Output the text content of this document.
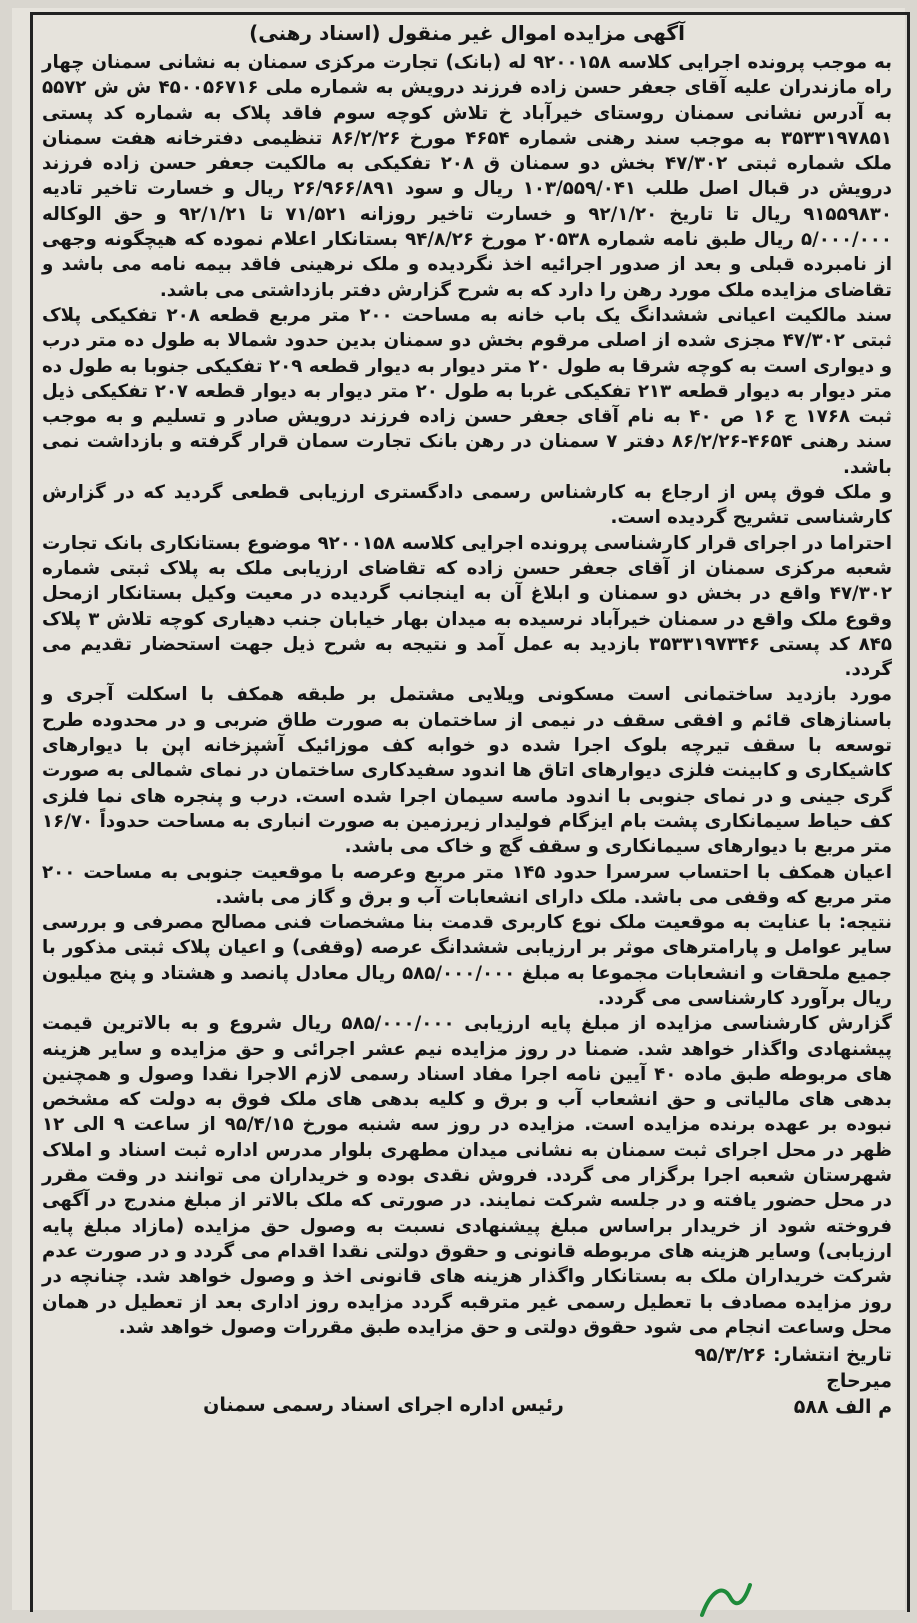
آگهی مزایده اموال غیر منقول (اسناد رهنی)

به موجب پرونده اجرایی کلاسه ۹۲۰۰۱۵۸ له (بانک) تجارت مرکزی سمنان به نشانی سمنان چهار راه مازندران علیه آقای جعفر حسن زاده فرزند درویش به شماره ملی ۴۵۰۰۵۶۷۱۶ ش ش ۵۵۷۲ به آدرس نشانی سمنان روستای خیرآباد خ تلاش کوچه سوم فاقد پلاک به شماره کد پستی ۳۵۳۳۱۹۷۸۵۱ به موجب سند رهنی شماره ۴۶۵۴ مورخ ۸۶/۲/۲۶ تنظیمی دفترخانه هفت سمنان ملک شماره ثبتی ۴۷/۳۰۲ بخش دو سمنان ق ۲۰۸ تفکیکی به مالکیت جعفر حسن زاده فرزند درویش در قبال اصل طلب ۱۰۳/۵۵۹/۰۴۱ ریال و سود ۲۶/۹۶۶/۸۹۱ ریال و خسارت تاخیر تادیه ۹۱۵۵۹۸۳۰ ریال تا تاریخ ۹۲/۱/۲۰ و خسارت تاخیر روزانه ۷۱/۵۲۱ تا ۹۲/۱/۲۱ و حق الوکاله ۵/۰۰۰/۰۰۰ ریال طبق نامه شماره ۲۰۵۳۸ مورخ ۹۴/۸/۲۶ بستانکار اعلام نموده که هیچگونه وجهی از نامبرده قبلی و بعد از صدور اجرائیه اخذ نگردیده و ملک نرهینی فاقد بیمه نامه می باشد و تقاضای مزایده ملک مورد رهن را دارد که به شرح گزارش دفتر بازداشتی می باشد.

سند مالکیت اعیانی ششدانگ یک باب خانه به مساحت ۲۰۰ متر مربع قطعه ۲۰۸ تفکیکی پلاک ثبتی ۴۷/۳۰۲ مجزی شده از اصلی مرقوم بخش دو سمنان بدین حدود شمالا به طول ده متر درب و دیواری است به کوچه شرقا به طول ۲۰ متر دیوار به دیوار قطعه ۲۰۹ تفکیکی جنوبا به طول ده متر دیوار به دیوار قطعه ۲۱۳ تفکیکی غربا به طول ۲۰ متر دیوار به دیوار قطعه ۲۰۷ تفکیکی ذیل ثبت ۱۷۶۸ ج ۱۶ ص ۴۰ به نام آقای جعفر حسن زاده فرزند درویش صادر و تسلیم و به موجب سند رهنی ۴۶۵۴-۸۶/۲/۲۶ دفتر ۷ سمنان در رهن بانک تجارت سمان قرار گرفته و بازداشت نمی باشد.

و ملک فوق پس از ارجاع به کارشناس رسمی دادگستری ارزیابی قطعی گردید که در گزارش کارشناسی تشریح گردیده است.

احتراما در اجرای قرار کارشناسی پرونده اجرایی کلاسه ۹۲۰۰۱۵۸ موضوع بستانکاری بانک تجارت شعبه مرکزی سمنان از آقای جعفر حسن زاده که تقاضای ارزیابی ملک به پلاک ثبتی شماره ۴۷/۳۰۲ واقع در بخش دو سمنان و ابلاغ آن به اینجانب گردیده در معیت وکیل بستانکار ازمحل وقوع ملک واقع در سمنان خیرآباد نرسیده به میدان بهار خیابان جنب دهیاری کوچه تلاش ۳ پلاک ۸۴۵ کد پستی ۳۵۳۳۱۹۷۳۴۶ بازدید به عمل آمد و نتیجه به شرح ذیل جهت استحضار تقدیم می گردد.

مورد بازدید ساختمانی است مسکونی ویلایی مشتمل بر طبقه همکف با اسکلت آجری و باسنازهای قائم و افقی سقف در نیمی از ساختمان به صورت طاق ضربی و در محدوده طرح توسعه با سقف تیرچه بلوک اجرا شده دو خوابه کف موزائیک آشپزخانه اپن با دیوارهای کاشیکاری و کابینت فلزی دیوارهای اتاق ها اندود سفیدکاری ساختمان در نمای شمالی به صورت گری جینی و در نمای جنوبی با اندود ماسه سیمان اجرا شده است. درب و پنجره های نما فلزی کف حیاط سیمانکاری پشت بام ایزگام فولیدار زیرزمین به صورت انباری به مساحت حدوداً ۱۶/۷۰ متر مربع با دیوارهای سیمانکاری و سقف گچ و خاک می باشد.

اعیان همکف با احتساب سرسرا حدود ۱۴۵ متر مربع وعرصه با موقعیت جنوبی به مساحت ۲۰۰ متر مربع که وقفی می باشد. ملک دارای انشعابات آب و برق و گاز می باشد.

نتیجه: با عنایت به موقعیت ملک نوع کاربری قدمت بنا مشخصات فنی مصالح مصرفی و بررسی سایر عوامل و پارامترهای موثر بر ارزیابی ششدانگ عرصه (وقفی) و اعیان پلاک ثبتی مذکور با جمیع ملحقات و انشعابات مجموعا به مبلغ ۵۸۵/۰۰۰/۰۰۰ ریال معادل پانصد و هشتاد و پنج میلیون ریال برآورد کارشناسی می گردد.

گزارش کارشناسی مزایده از مبلغ پایه ارزیابی ۵۸۵/۰۰۰/۰۰۰ ریال شروع و به بالاترین قیمت پیشنهادی واگذار خواهد شد. ضمنا در روز مزایده نیم عشر اجرائی و حق مزایده و سایر هزینه های مربوطه طبق ماده ۴۰ آیین نامه اجرا مفاد اسناد رسمی لازم الاجرا نقدا وصول و همچنین بدهی های مالیاتی و حق انشعاب آب و برق و کلیه بدهی های ملک فوق به دولت که مشخص نبوده بر عهده برنده مزایده است. مزایده در روز سه شنبه مورخ ۹۵/۴/۱۵ از ساعت ۹ الی ۱۲ ظهر در محل اجرای ثبت سمنان به نشانی میدان مطهری بلوار مدرس اداره ثبت اسناد و املاک شهرستان شعبه اجرا برگزار می گردد. فروش نقدی بوده و خریداران می توانند در وقت مقرر در محل حضور یافته و در جلسه شرکت نمایند. در صورتی که ملک بالاتر از مبلغ مندرج در آگهی فروخته شود از خریدار براساس مبلغ پیشنهادی نسبت به وصول حق مزایده (مازاد مبلغ پایه ارزیابی) وسایر هزینه های مربوطه قانونی و حقوق دولتی نقدا اقدام می گردد و در صورت عدم شرکت خریداران ملک به بستانکار واگذار هزینه های قانونی اخذ و وصول خواهد شد. چنانچه در روز مزایده مصادف با تعطیل رسمی غیر مترقبه گردد مزایده روز اداری بعد از تعطیل در همان محل وساعت انجام می شود حقوق دولتی و حق مزایده طبق مقررات وصول خواهد شد.

تاریخ انتشار: ۹۵/۳/۲۶
میرحاج
م الف ۵۸۸
رئیس اداره اجرای اسناد رسمی سمنان
